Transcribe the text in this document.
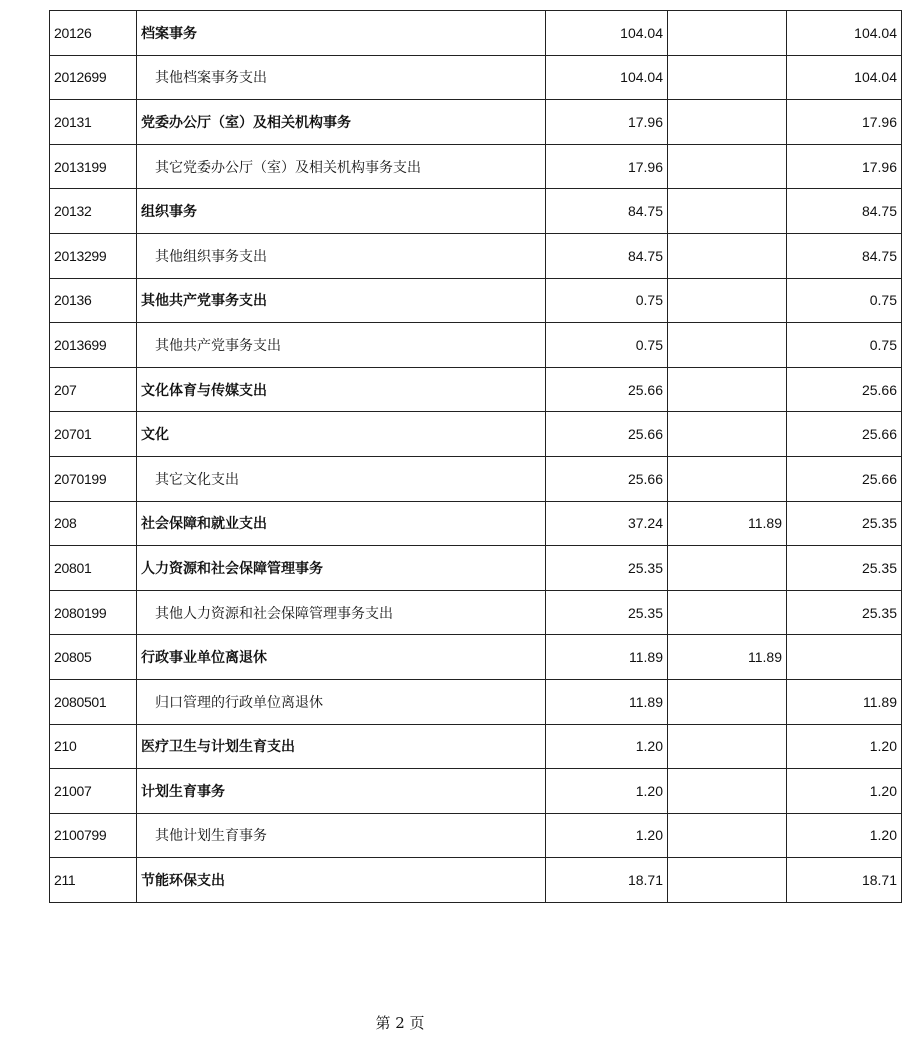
20126	档案事务	104.04		104.04
2012699	其他档案事务支出	104.04		104.04
20131	党委办公厅（室）及相关机构事务	17.96		17.96
2013199	其它党委办公厅（室）及相关机构事务支出	17.96		17.96
20132	组织事务	84.75		84.75
2013299	其他组织事务支出	84.75		84.75
20136	其他共产党事务支出	0.75		0.75
2013699	其他共产党事务支出	0.75		0.75
207	文化体育与传媒支出	25.66		25.66
20701	文化	25.66		25.66
2070199	其它文化支出	25.66		25.66
208	社会保障和就业支出	37.24	11.89	25.35
20801	人力资源和社会保障管理事务	25.35		25.35
2080199	其他人力资源和社会保障管理事务支出	25.35		25.35
20805	行政事业单位离退休	11.89	11.89	
2080501	归口管理的行政单位离退休	11.89		11.89
210	医疗卫生与计划生育支出	1.20		1.20
21007	计划生育事务	1.20		1.20
2100799	其他计划生育事务	1.20		1.20
211	节能环保支出	18.71		18.71
第 2 页
